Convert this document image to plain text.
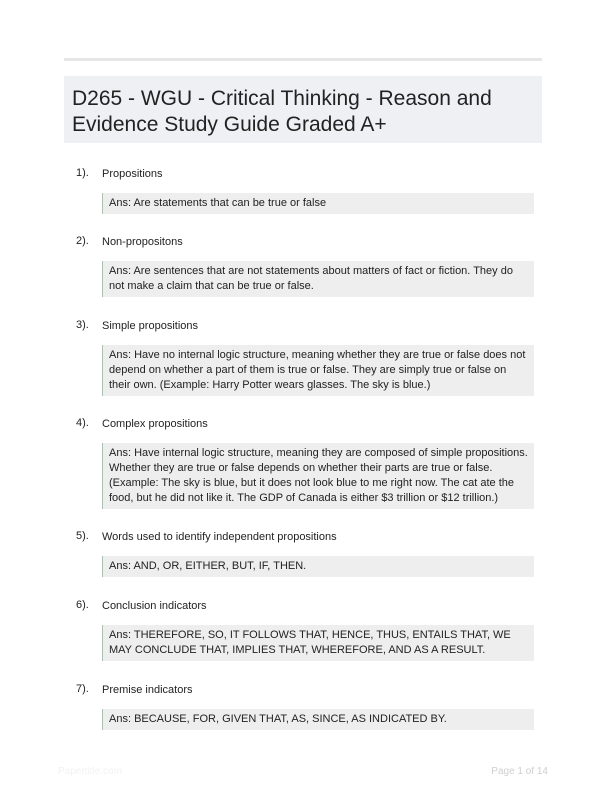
D265 - WGU - Critical Thinking - Reason and Evidence Study Guide Graded A+
1). Propositions
Ans: Are statements that can be true or false
2). Non-propositons
Ans: Are sentences that are not statements about matters of fact or fiction. They do not make a claim that can be true or false.
3). Simple propositions
Ans: Have no internal logic structure, meaning whether they are true or false does not depend on whether a part of them is true or false. They are simply true or false on their own. (Example: Harry Potter wears glasses. The sky is blue.)
4). Complex propositions
Ans: Have internal logic structure, meaning they are composed of simple propositions. Whether they are true or false depends on whether their parts are true or false. (Example: The sky is blue, but it does not look blue to me right now. The cat ate the food, but he did not like it. The GDP of Canada is either $3 trillion or $12 trillion.)
5). Words used to identify independent propositions
Ans: AND, OR, EITHER, BUT, IF, THEN.
6). Conclusion indicators
Ans: THEREFORE, SO, IT FOLLOWS THAT, HENCE, THUS, ENTAILS THAT, WE MAY CONCLUDE THAT, IMPLIES THAT, WHEREFORE, AND AS A RESULT.
7). Premise indicators
Ans: BECAUSE, FOR, GIVEN THAT, AS, SINCE, AS INDICATED BY.
Papertitle.com	Page 1 of 14
